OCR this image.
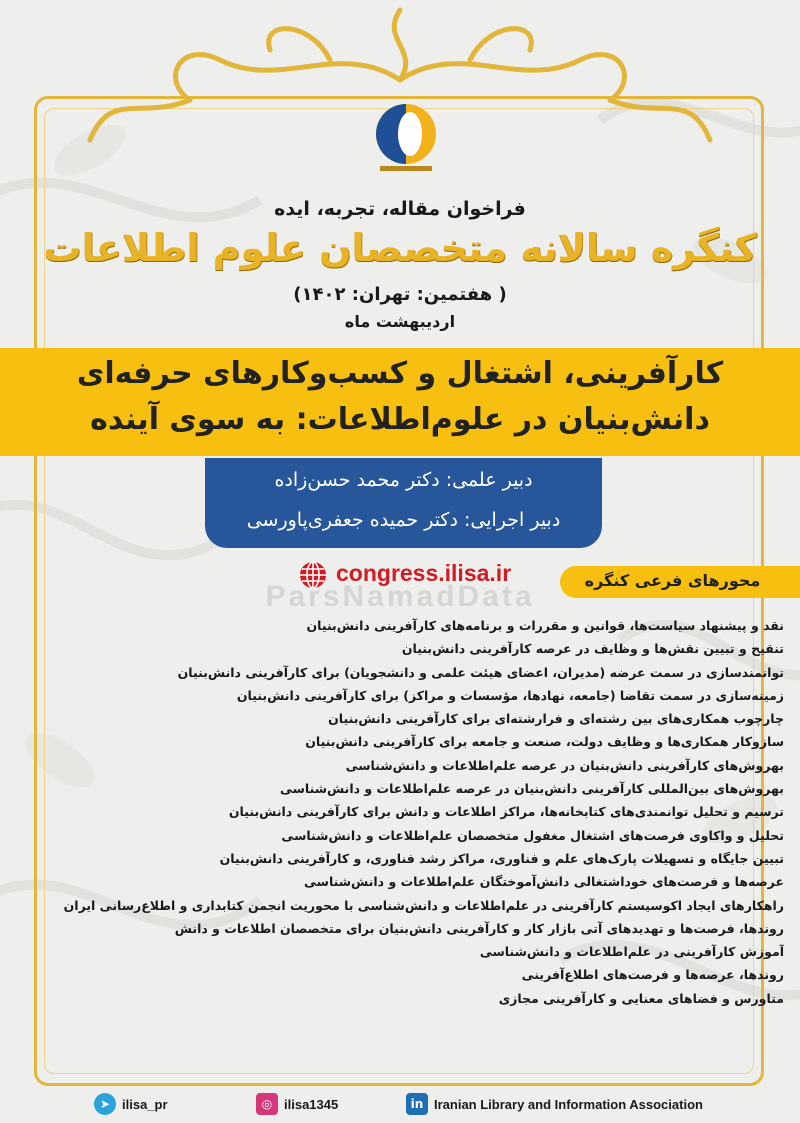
فراخوان مقاله، تجربه، ایده
کنگره سالانه متخصصان علوم اطلاعات
( هفتمین: تهران: ۱۴۰۲)
اردیبهشت ماه
کارآفرینی، اشتغال و کسب‌وکارهای حرفه‌ای
دانش‌بنیان در علوم‌اطلاعات: به سوی آینده
دبیر علمی: دکتر محمد حسن‌زاده
دبیر اجرایی: دکتر حمیده جعفری‌پاورسی
congress.ilisa.ir	محورهای فرعی کنگره
ParsNamadData
نقد و پیشنهاد سیاست‌ها، قوانین و مقررات و برنامه‌های کارآفرینی دانش‌بنیان
تنقیح و تبیین نقش‌ها و وظایف در عرصه کارآفرینی دانش‌بنیان
توانمندسازی در سمت عرضه (مدیران، اعضای هیئت علمی و دانشجویان) برای کارآفرینی دانش‌بنیان
زمینه‌سازی در سمت تقاضا (جامعه، نهادها، مؤسسات و مراکز) برای کارآفرینی دانش‌بنیان
چارچوب همکاری‌های بین رشته‌ای و فرارشته‌ای برای کارآفرینی دانش‌بنیان
سازوکار همکاری‌ها و وظایف دولت، صنعت و جامعه برای کارآفرینی دانش‌بنیان
بهروش‌های کارآفرینی دانش‌بنیان در عرصه علم‌اطلاعات و دانش‌شناسی
بهروش‌های بین‌المللی کارآفرینی دانش‌بنیان در عرصه علم‌اطلاعات و دانش‌شناسی
ترسیم و تحلیل توانمندی‌های کتابخانه‌ها، مراکز اطلاعات و دانش برای کارآفرینی دانش‌بنیان
تحلیل و واکاوی فرصت‌های اشتغال مغفول متخصصان علم‌اطلاعات و دانش‌شناسی
تبیین جایگاه و تسهیلات پارک‌های علم و فناوری، مراکز رشد فناوری، و کارآفرینی دانش‌بنیان
عرصه‌ها و فرصت‌های خوداشتغالی دانش‌آموختگان علم‌اطلاعات و دانش‌شناسی
راهکارهای ایجاد اکوسیستم کارآفرینی در علم‌اطلاعات و دانش‌شناسی با محوریت انجمن کتابداری و اطلاع‌رسانی ایران
روندها، فرصت‌ها و تهدیدهای آتی بازار کار و کارآفرینی دانش‌بنیان برای متخصصان اطلاعات و دانش
آموزش کارآفرینی در علم‌اطلاعات و دانش‌شناسی
روندها، عرصه‌ها و فرصت‌های اطلاع‌آفرینی
متاورس و فضاهای معنایی و کارآفرینی مجازی
➤ ilisa_pr	◎ ilisa1345	in Iranian Library and Information Association
